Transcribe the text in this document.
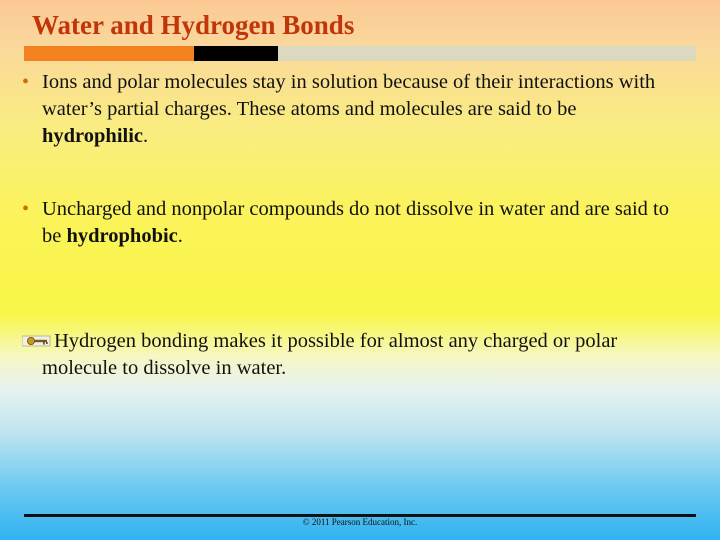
Water and Hydrogen Bonds
• Ions and polar molecules stay in solution because of their interactions with water’s partial charges. These atoms and molecules are said to be hydrophilic.
• Uncharged and nonpolar compounds do not dissolve in water and are said to be hydrophobic.
Hydrogen bonding makes it possible for almost any charged or polar molecule to dissolve in water.
© 2011 Pearson Education, Inc.
